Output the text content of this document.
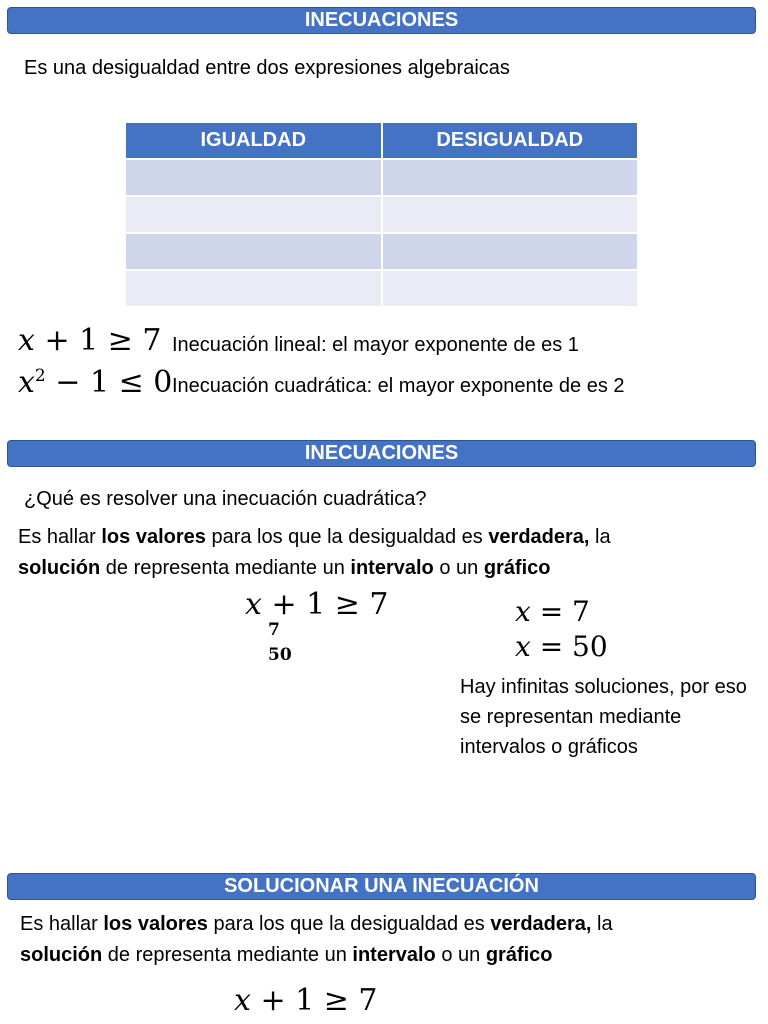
INECUACIONES
Es una desigualdad entre dos expresiones algebraicas
IGUALDAD	DESIGUALDAD

x + 1 ≥ 7 Inecuación lineal: el mayor exponente de es 1
$x^2 - 1 \le 0$ Inecuación cuadrática: el mayor exponente de es 2
INECUACIONES
¿Qué es resolver una inecuación cuadrática?
Es hallar los valores para los que la desigualdad es verdadera, la
solución de representa mediante un intervalo o un gráfico
x + 1 ≥ 7
7
50
x = 7
x = 50
Hay infinitas soluciones, por eso se representan mediante intervalos o gráficos
SOLUCIONAR UNA INECUACIÓN
Es hallar los valores para los que la desigualdad es verdadera, la
solución de representa mediante un intervalo o un gráfico
x + 1 ≥ 7
